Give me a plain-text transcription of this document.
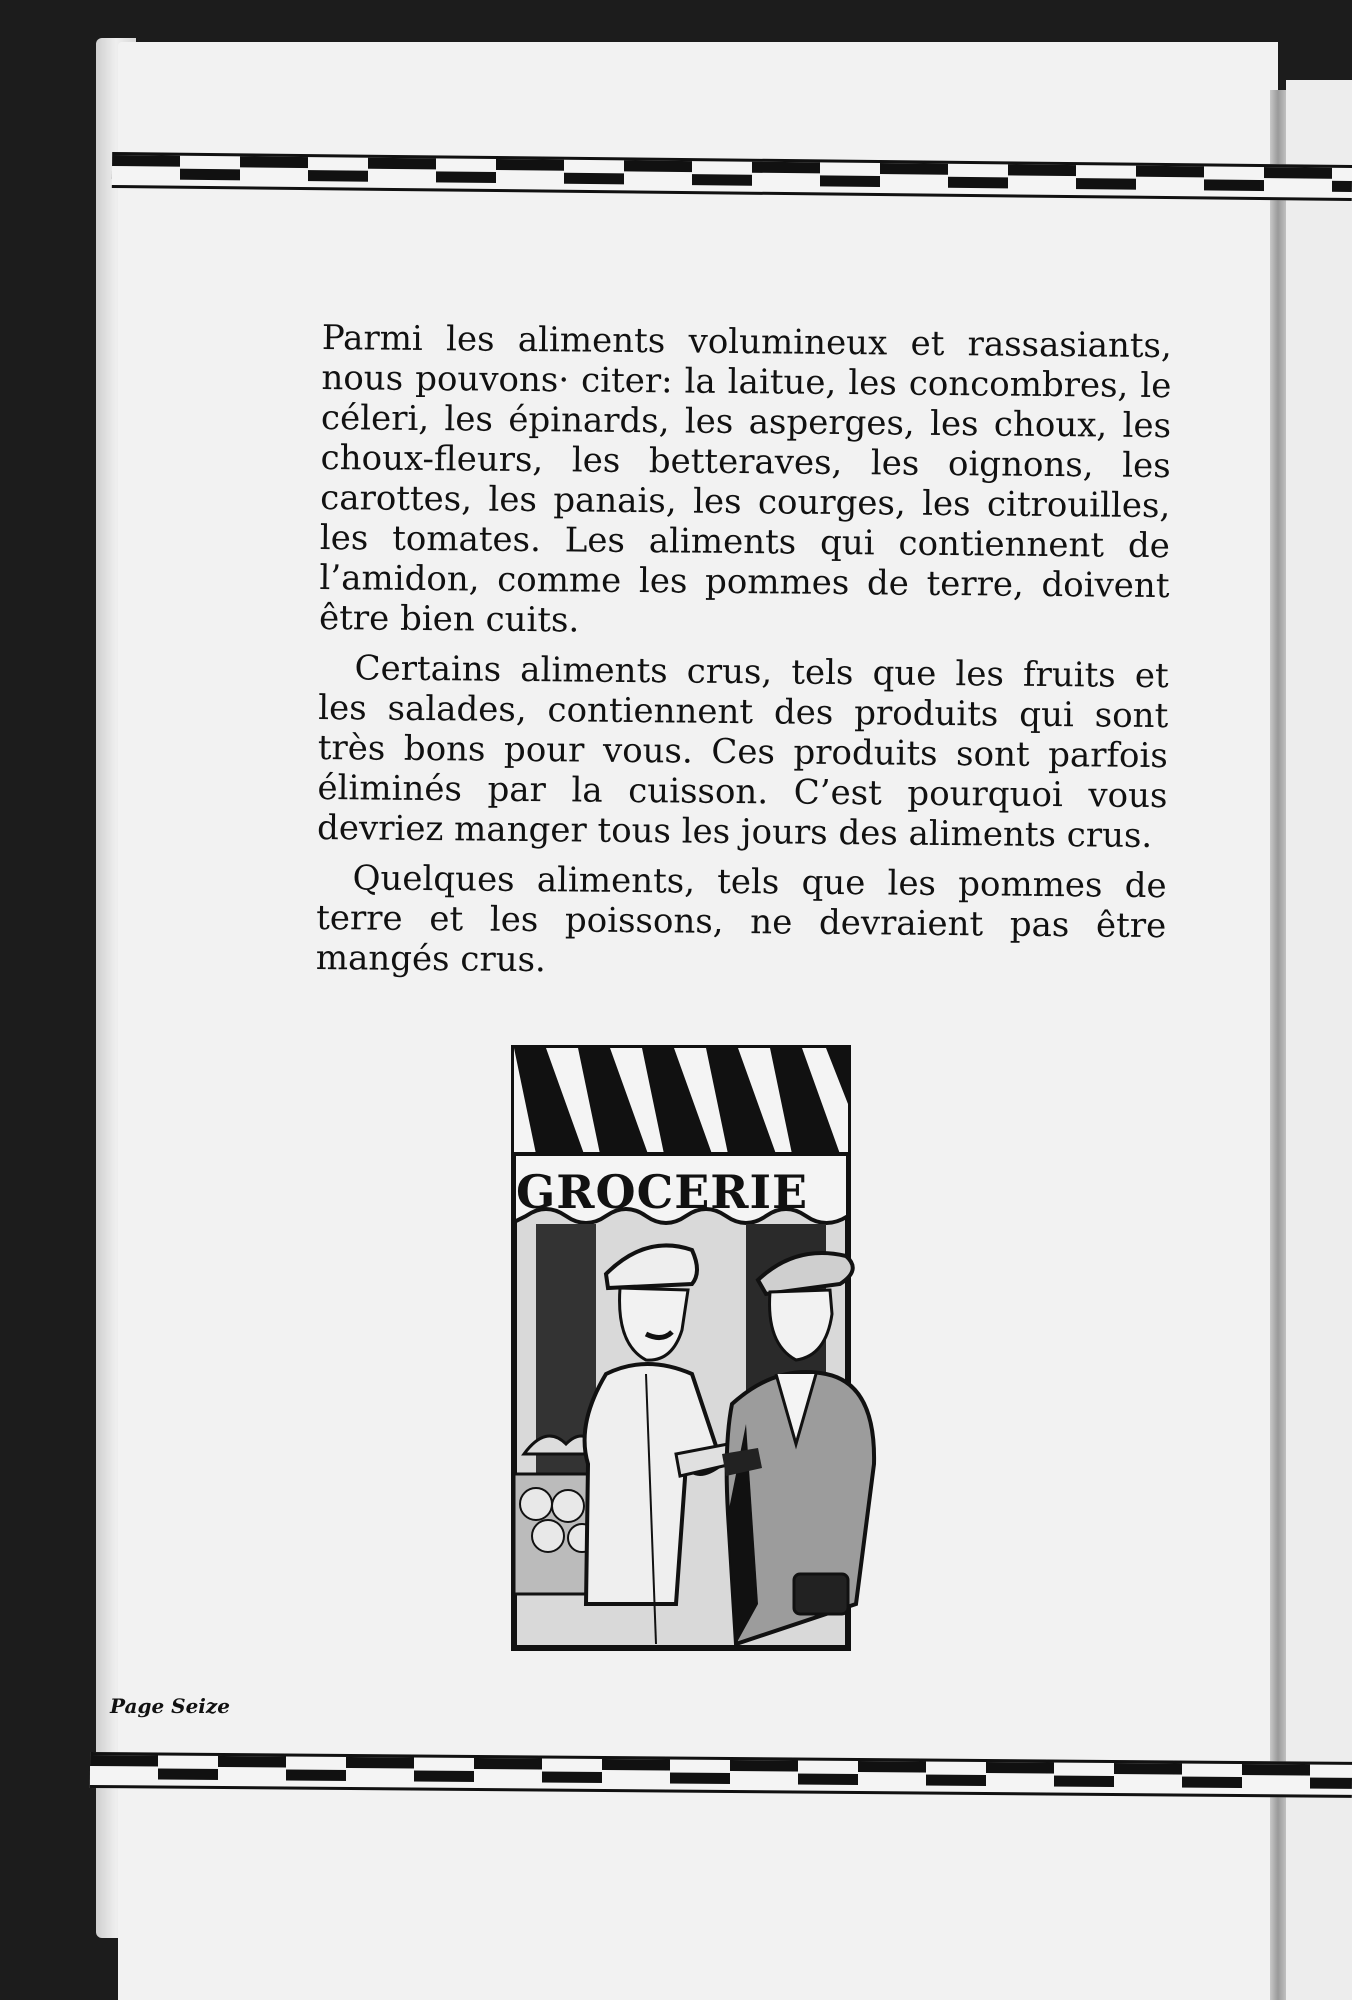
Parmi les aliments volumineux et rassasiants, nous pouvons· citer: la laitue, les concombres, le céleri, les épinards, les asperges, les choux, les choux-fleurs, les betteraves, les oignons, les carottes, les panais, les courges, les citrouilles, les tomates. Les aliments qui contiennent de l’amidon, comme les pommes de terre, doivent être bien cuits.

Certains aliments crus, tels que les fruits et les salades, contiennent des produits qui sont très bons pour vous. Ces produits sont parfois éliminés par la cuisson. C’est pourquoi vous devriez manger tous les jours des aliments crus.

Quelques aliments, tels que les pommes de terre et les poissons, ne devraient pas être mangés crus.

GROCERIE
Page Seize
